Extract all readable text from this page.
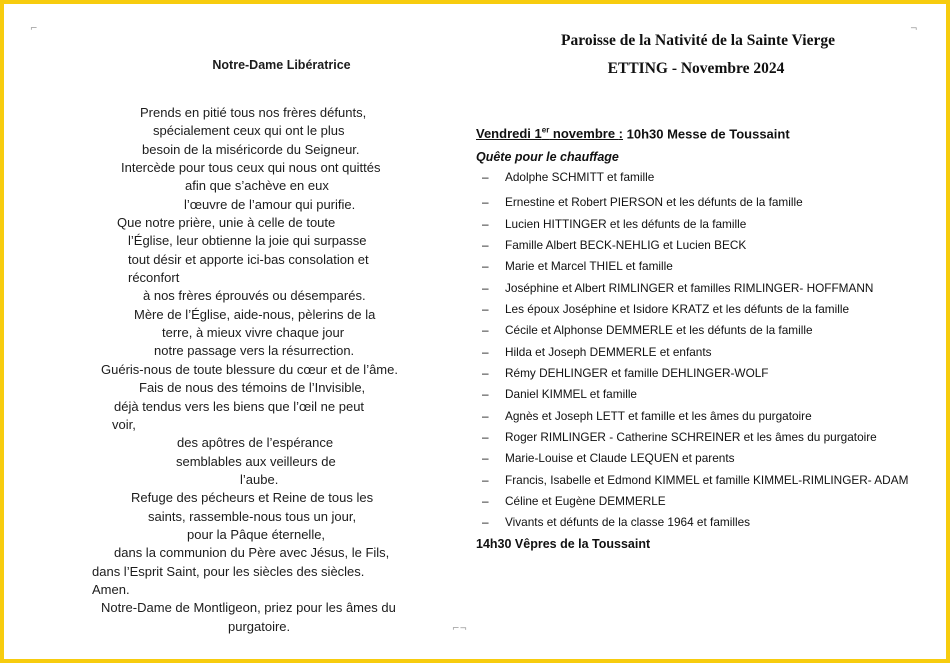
⌐	¬
⌐¬
Notre-Dame Libératrice
Prends en pitié tous nos frères défunts,
spécialement ceux qui ont le plus
besoin de la miséricorde du Seigneur.
Intercède pour tous ceux qui nous ont quittés
afin que s’achève en eux
l’œuvre de l’amour qui purifie.
Que notre prière, unie à celle de toute
l’Église, leur obtienne la joie qui surpasse
tout désir et apporte ici-bas consolation et
réconfort
à nos frères éprouvés ou désemparés.
Mère de l’Église, aide-nous, pèlerins de la
terre, à mieux vivre chaque jour
notre passage vers la résurrection.
Guéris-nous de toute blessure du cœur et de l’âme.
Fais de nous des témoins de l’Invisible,
déjà tendus vers les biens que l’œil ne peut
voir,
des apôtres de l’espérance
semblables aux veilleurs de
l’aube.
Refuge des pécheurs et Reine de tous les
saints, rassemble-nous tous un jour,
pour la Pâque éternelle,
dans la communion du Père avec Jésus, le Fils,
dans l’Esprit Saint, pour les siècles des siècles.
Amen.
Notre-Dame de Montligeon, priez pour les âmes du
purgatoire.
Paroisse de la Nativité de la Sainte Vierge
ETTING - Novembre 2024
Vendredi 1er novembre : 10h30 Messe de Toussaint
Quête pour le chauffage
– Adolphe SCHMITT et famille
– Ernestine et Robert PIERSON et les défunts de la famille
– Lucien HITTINGER et les défunts de la famille
– Famille Albert BECK-NEHLIG et Lucien BECK
– Marie et Marcel THIEL et famille
– Joséphine et Albert RIMLINGER et familles RIMLINGER- HOFFMANN
– Les époux Joséphine et Isidore KRATZ et les défunts de la famille
– Cécile et Alphonse DEMMERLE et les défunts de la famille
– Hilda et Joseph DEMMERLE et enfants
– Rémy DEHLINGER et famille DEHLINGER-WOLF
– Daniel KIMMEL et famille
– Agnès et Joseph LETT et famille et les âmes du purgatoire
– Roger RIMLINGER - Catherine SCHREINER et les âmes du purgatoire
– Marie-Louise et Claude LEQUEN et parents
– Francis, Isabelle et Edmond KIMMEL et famille KIMMEL-RIMLINGER- ADAM
– Céline et Eugène DEMMERLE
– Vivants et défunts de la classe 1964 et familles
14h30 Vêpres de la Toussaint
